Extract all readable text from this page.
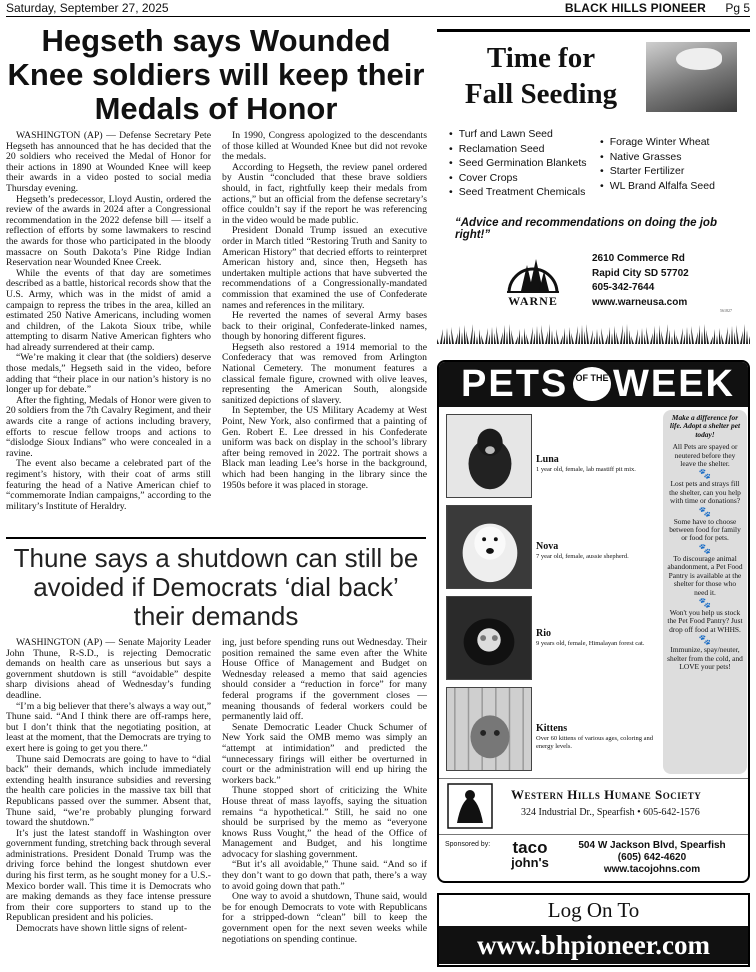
Saturday, September 27, 2025	BLACK HILLS PIONEER Pg 5
Hegseth says Wounded Knee soldiers will keep their Medals of Honor

WASHINGTON (AP) — Defense Secretary Pete Hegseth has announced that he has decided that the 20 soldiers who received the Medal of Honor for their actions in 1890 at Wounded Knee will keep their awards in a video posted to social media Thursday evening.

Hegseth’s predecessor, Lloyd Austin, ordered the review of the awards in 2024 after a Congressional recommendation in the 2022 defense bill — itself a reflection of efforts by some lawmakers to rescind the awards for those who participated in the bloody massacre on South Dakota’s Pine Ridge Indian Reservation near Wounded Knee Creek.

While the events of that day are sometimes described as a battle, historical records show that the U.S. Army, which was in the midst of amid a campaign to repress the tribes in the area, killed an estimated 250 Native Americans, including women and children, of the Lakota Sioux tribe, while attempting to disarm Native American fighters who had already surrendered at their camp.

“We’re making it clear that (the soldiers) deserve those medals,” Hegseth said in the video, before adding that “their place in our nation’s history is no longer up for debate.”

After the fighting, Medals of Honor were given to 20 soldiers from the 7th Cavalry Regiment, and their awards cite a range of actions including bravery, efforts to rescue fellow troops and actions to “dislodge Sioux Indians” who were concealed in a ravine.

The event also became a celebrated part of the regiment’s history, with their coat of arms still featuring the head of a Native American chief to “commemorate Indian campaigns,” according to the military’s Institute of Heraldry.

In 1990, Congress apologized to the descendants of those killed at Wounded Knee but did not revoke the medals.

According to Hegseth, the review panel ordered by Austin “concluded that these brave soldiers should, in fact, rightfully keep their medals from actions,” but an official from the defense secretary’s office couldn’t say if the report he was referencing in the video would be made public.

President Donald Trump issued an executive order in March titled “Restoring Truth and Sanity to American History” that decried efforts to reinterpret American history and, since then, Hegseth has undertaken multiple actions that have subverted the recommendations of a Congressionally-mandated commission that examined the use of Confederate names and references in the military.

He reverted the names of several Army bases back to their original, Confederate-linked names, though by honoring different figures.

Hegseth also restored a 1914 memorial to the Confederacy that was removed from Arlington National Cemetery. The monument features a classical female figure, crowned with olive leaves, representing the American South, alongside sanitized depictions of slavery.

In September, the US Military Academy at West Point, New York, also confirmed that a painting of Gen. Robert E. Lee dressed in his Confederate uniform was back on display in the school’s library after being removed in 2022. The portrait shows a Black man leading Lee’s horse in the background, which had been hanging in the library since the 1950s before it was placed in storage.

Thune says a shutdown can still be avoided if Democrats ‘dial back’ their demands

WASHINGTON (AP) — Senate Majority Leader John Thune, R-S.D., is rejecting Democratic demands on health care as unserious but says a government shutdown is still “avoidable” despite sharp divisions ahead of Wednesday’s funding deadline.

“I’m a big believer that there’s always a way out,” Thune said. “And I think there are off-ramps here, but I don’t think that the negotiating position, at least at the moment, that the Democrats are trying to exert here is going to get you there.”

Thune said Democrats are going to have to “dial back” their demands, which include immediately extending health insurance subsidies and reversing the health care policies in the massive tax bill that Republicans passed over the summer. Absent that, Thune said, “we’re probably plunging forward toward the shutdown.”

It’s just the latest standoff in Washington over government funding, stretching back through several administrations. President Donald Trump was the driving force behind the longest shutdown ever during his first term, as he sought money for a U.S.-Mexico border wall. This time it is Democrats who are making demands as they face intense pressure from their core supporters to stand up to the Republican president and his policies.

Democrats have shown little signs of relent-

ing, just before spending runs out Wednesday. Their position remained the same even after the White House Office of Management and Budget on Wednesday released a memo that said agencies should consider a “reduction in force” for many federal programs if the government closes — meaning thousands of federal workers could be permanently laid off.

Senate Democratic Leader Chuck Schumer of New York said the OMB memo was simply an “attempt at intimidation” and predicted the “unnecessary firings will either be overturned in court or the administration will end up hiring the workers back.”

Thune stopped short of criticizing the White House threat of mass layoffs, saying the situation remains “a hypothetical.” Still, he said no one should be surprised by the memo as “everyone knows Russ Vought,” the head of the Office of Management and Budget, and his longtime advocacy for slashing government.

“But it’s all avoidable,” Thune said. “And so if they don’t want to go down that path, there’s a way to avoid going down that path.”

One way to avoid a shutdown, Thune said, would be for enough Democrats to vote with Republicans for a stripped-down “clean” bill to keep the government open for the next seven weeks while negotiations on spending continue.

Time for
Fall Seeding
• Turf and Lawn Seed
• Reclamation Seed
• Seed Germination Blankets
• Cover Crops
• Seed Treatment Chemicals
• Forage Winter Wheat
• Native Grasses
• Starter Fertilizer
• WL Brand Alfalfa Seed
“Advice and recommendations on doing the job right!”
WARNE
2610 Commerce Rd
Rapid City SD 57702
605-342-7644
www.warneusa.com
561827
PETS OF THE WEEK
Luna
1 year old, female, lab mastiff pit mix.
Nova
7 year old, female, aussie shepherd.
Rio
9 years old, female, Himalayan forest cat.
Kittens
Over 60 kittens of various ages, coloring and energy levels.
Make a difference for life. Adopt a shelter pet today!

All Pets are spayed or neutered before they leave the shelter.

🐾

Lost pets and strays fill the shelter, can you help with time or donations?

🐾

Some have to choose between food for family or food for pets.

🐾

To discourage animal abandonment, a Pet Food Pantry is available at the shelter for those who need it.

🐾

Won't you help us stock the Pet Food Pantry? Just drop off food at WHHS.

🐾

Immunize, spay/neuter, shelter from the cold, and LOVE your pets!

Western Hills Humane Society
324 Industrial Dr., Spearfish • 605-642-1576
Sponsored by:	taco
john's
504 W Jackson Blvd, Spearfish
(605) 642-4620
www.tacojohns.com
Log On To
www.bhpioneer.com
